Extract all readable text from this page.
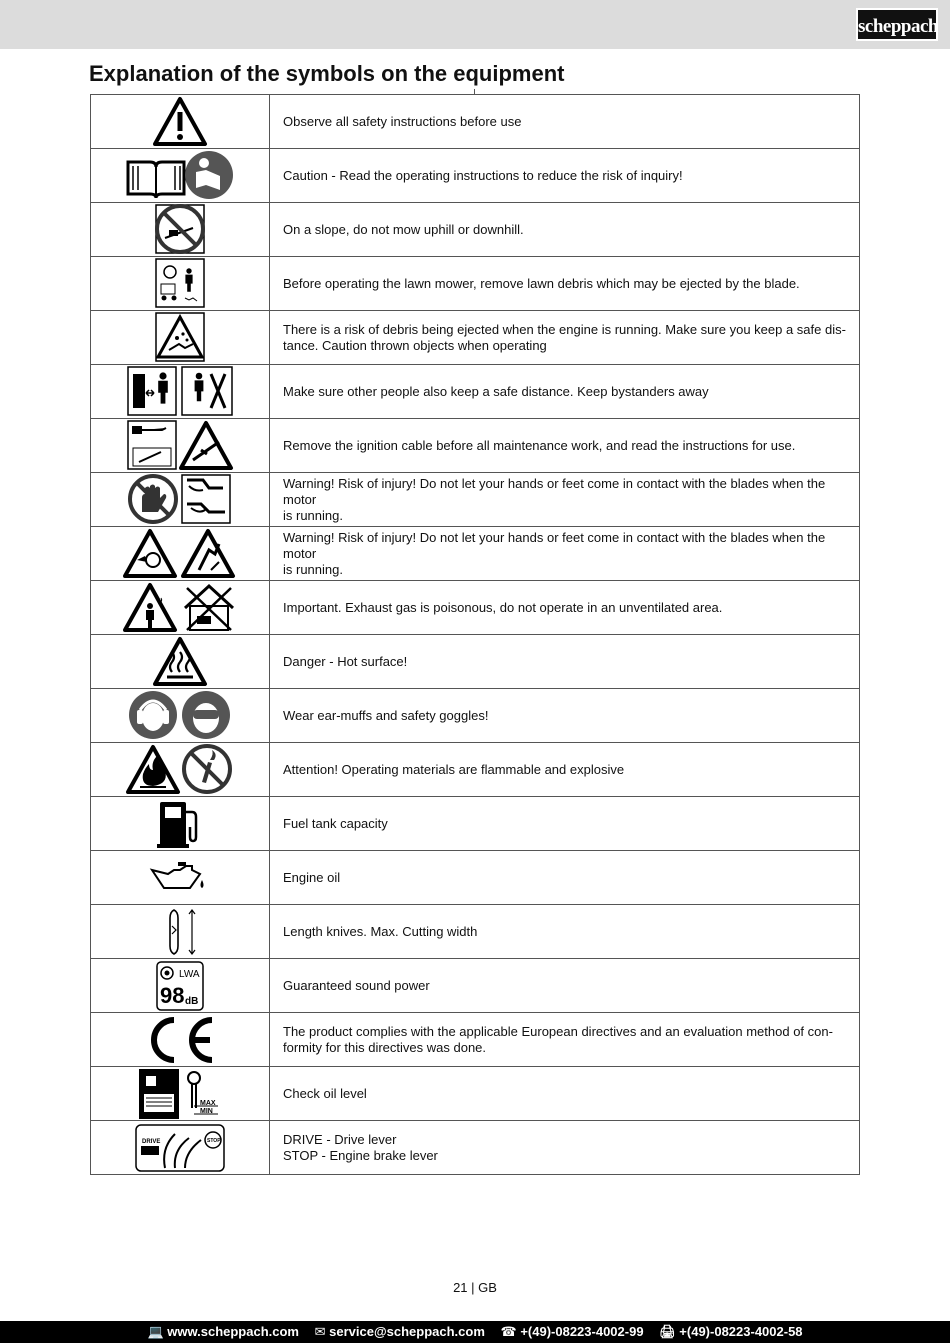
scheppach
Explanation of the symbols on the equipment

Observe all safety instructions before use

Caution - Read the operating instructions to reduce the risk of inquiry!

On a slope, do not mow uphill or downhill.

Before operating the lawn mower, remove lawn debris which may be ejected by the blade.

There is a risk of debris being ejected when the engine is running. Make sure you keep a safe dis-
tance. Caution thrown objects when operating

Make sure other people also keep a safe distance. Keep bystanders away

Remove the ignition cable before all maintenance work, and read the instructions for use.

Warning! Risk of injury! Do not let your hands or feet come in contact with the blades when the motor
is running.

Warning! Risk of injury! Do not let your hands or feet come in contact with the blades when the motor
is running.

Important. Exhaust gas is poisonous, do not operate in an unventilated area.

Danger - Hot surface!

Wear ear-muffs and safety goggles!

Attention! Operating materials are flammable and explosive

Fuel tank capacity

Engine oil

Length knives. Max. Cutting width

LWA
98 dB	Guaranteed sound power

The product complies with the applicable European directives and an evaluation method of con-
formity for this directives was done.

MAX
MIN	Check oil level

DRIVE STOP	DRIVE - Drive lever
STOP - Engine brake lever
21 | GB
💻 www.scheppach.com ✉ service@scheppach.com ☎ +(49)-08223-4002-99 🖨 +(49)-08223-4002-58
